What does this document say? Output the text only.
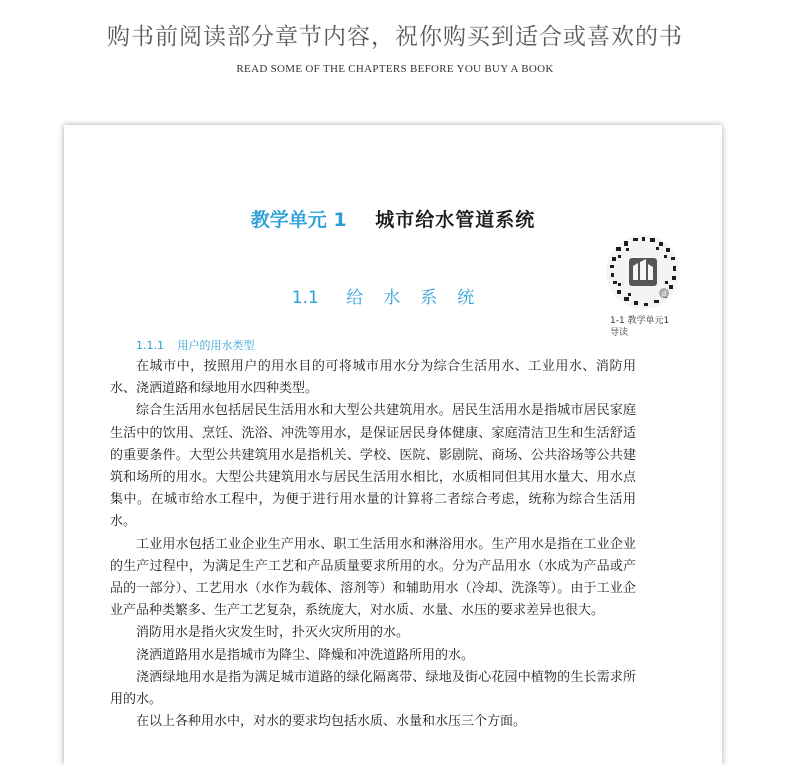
购书前阅读部分章节内容，祝你购买到适合或喜欢的书
READ SOME OF THE CHAPTERS BEFORE YOU BUY A BOOK
教学单元 1 城市给水管道系统
d
1-1 教学单元1
导读
1.1 给水系统
1.1.1 用户的用水类型

在城市中，按照用户的用水目的可将城市用水分为综合生活用水、工业用水、消防用水、浇洒道路和绿地用水四种类型。

综合生活用水包括居民生活用水和大型公共建筑用水。居民生活用水是指城市居民家庭生活中的饮用、烹饪、洗浴、冲洗等用水，是保证居民身体健康、家庭清洁卫生和生活舒适的重要条件。大型公共建筑用水是指机关、学校、医院、影剧院、商场、公共浴场等公共建筑和场所的用水。大型公共建筑用水与居民生活用水相比，水质相同但其用水量大、用水点集中。在城市给水工程中，为便于进行用水量的计算将二者综合考虑，统称为综合生活用水。

工业用水包括工业企业生产用水、职工生活用水和淋浴用水。生产用水是指在工业企业的生产过程中，为满足生产工艺和产品质量要求所用的水。分为产品用水（水成为产品或产品的一部分）、工艺用水（水作为载体、溶剂等）和辅助用水（冷却、洗涤等）。由于工业企业产品种类繁多、生产工艺复杂，系统庞大，对水质、水量、水压的要求差异也很大。

消防用水是指火灾发生时，扑灭火灾所用的水。

浇洒道路用水是指城市为降尘、降燥和冲洗道路所用的水。

浇洒绿地用水是指为满足城市道路的绿化隔离带、绿地及街心花园中植物的生长需求所用的水。

在以上各种用水中，对水的要求均包括水质、水量和水压三个方面。
